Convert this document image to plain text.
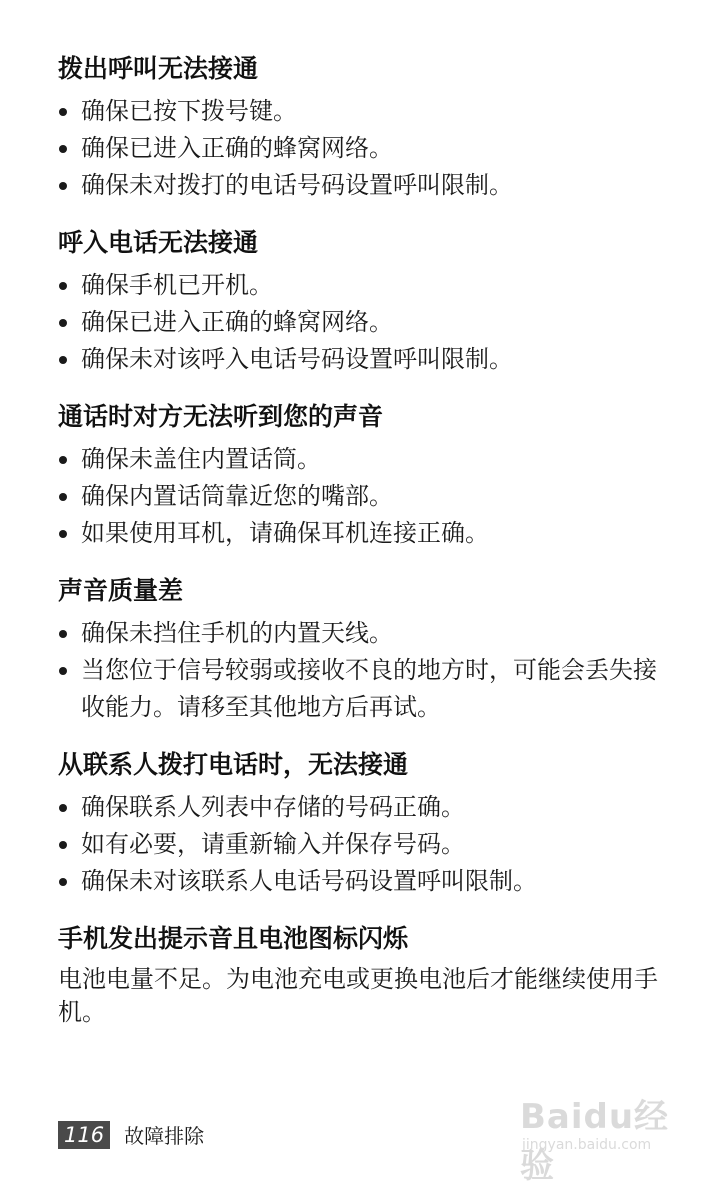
拨出呼叫无法接通
确保已按下拨号键。
确保已进入正确的蜂窝网络。
确保未对拨打的电话号码设置呼叫限制。
呼入电话无法接通
确保手机已开机。
确保已进入正确的蜂窝网络。
确保未对该呼入电话号码设置呼叫限制。
通话时对方无法听到您的声音
确保未盖住内置话筒。
确保内置话筒靠近您的嘴部。
如果使用耳机，请确保耳机连接正确。
声音质量差
确保未挡住手机的内置天线。
当您位于信号较弱或接收不良的地方时，可能会丢失接收能力。请移至其他地方后再试。
从联系人拨打电话时，无法接通
确保联系人列表中存储的号码正确。
如有必要，请重新输入并保存号码。
确保未对该联系人电话号码设置呼叫限制。
手机发出提示音且电池图标闪烁

电池电量不足。为电池充电或更换电池后才能继续使用手机。

116	故障排除	Baidu经验
jingyan.baidu.com
